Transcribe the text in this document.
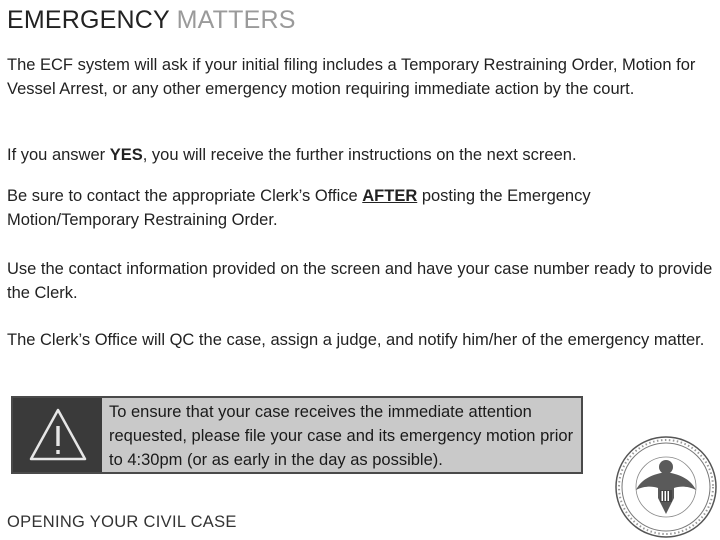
EMERGENCY MATTERS
The ECF system will ask if your initial filing includes a Temporary Restraining Order, Motion for Vessel Arrest, or any other emergency motion requiring immediate action by the court.
If you answer YES, you will receive the further instructions on the next screen.
Be sure to contact the appropriate Clerk’s Office AFTER posting the Emergency Motion/Temporary Restraining Order.
Use the contact information provided on the screen and have your case number ready to provide the Clerk.
The Clerk’s Office will QC the case, assign a judge, and notify him/her of the emergency matter.
To ensure that your case receives the immediate attention requested, please file your case and its emergency motion prior to 4:30pm (or as early in the day as possible).
OPENING YOUR CIVIL CASE
